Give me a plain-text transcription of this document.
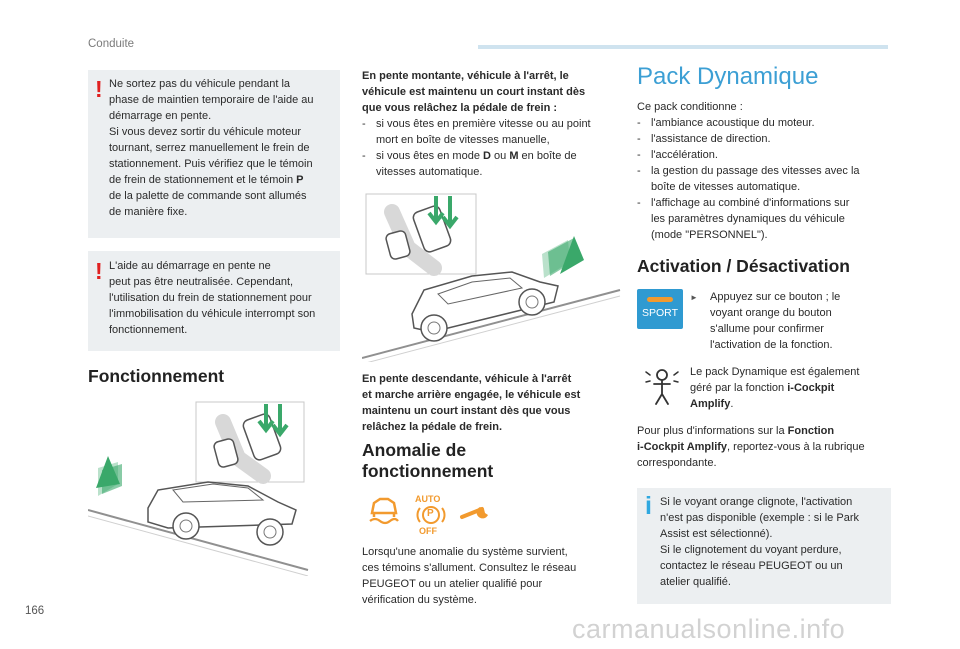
Conduite
! Ne sortez pas du véhicule pendant la
phase de maintien temporaire de l'aide au
démarrage en pente.
Si vous devez sortir du véhicule moteur
tournant, serrez manuellement le frein de
stationnement. Puis vérifiez que le témoin
de frein de stationnement et le témoin P
de la palette de commande sont allumés
de manière fixe.
! L'aide au démarrage en pente ne
peut pas être neutralisée. Cependant,
l'utilisation du frein de stationnement pour
l'immobilisation du véhicule interrompt son
fonctionnement.
Fonctionnement
En pente montante, véhicule à l'arrêt, le
véhicule est maintenu un court instant dès
que vous relâchez la pédale de frein :
- si vous êtes en première vitesse ou au point
mort en boîte de vitesses manuelle,
- si vous êtes en mode D ou M en boîte de
vitesses automatique.
En pente descendante, véhicule à l'arrêt
et marche arrière engagée, le véhicule est
maintenu un court instant dès que vous
relâchez la pédale de frein.
Anomalie de
fonctionnement
AUTO
P
OFF
Lorsqu'une anomalie du système survient,
ces témoins s'allument. Consultez le réseau
PEUGEOT ou un atelier qualifié pour
vérification du système.
Pack Dynamique
Ce pack conditionne :
- l'ambiance acoustique du moteur.
- l'assistance de direction.
- l'accélération.
- la gestion du passage des vitesses avec la
boîte de vitesses automatique.
- l'affichage au combiné d'informations sur
les paramètres dynamiques du véhicule
(mode "PERSONNEL").
Activation / Désactivation
SPORT
► Appuyez sur ce bouton ; le
voyant orange du bouton
s'allume pour confirmer
l'activation de la fonction.
Le pack Dynamique est également
géré par la fonction i-Cockpit
Amplify.
Pour plus d'informations sur la Fonction
i-Cockpit Amplify, reportez-vous à la rubrique
correspondante.
i Si le voyant orange clignote, l'activation
n'est pas disponible (exemple : si le Park
Assist est sélectionné).
Si le clignotement du voyant perdure,
contactez le réseau PEUGEOT ou un
atelier qualifié.
166
carmanualsonline.info
